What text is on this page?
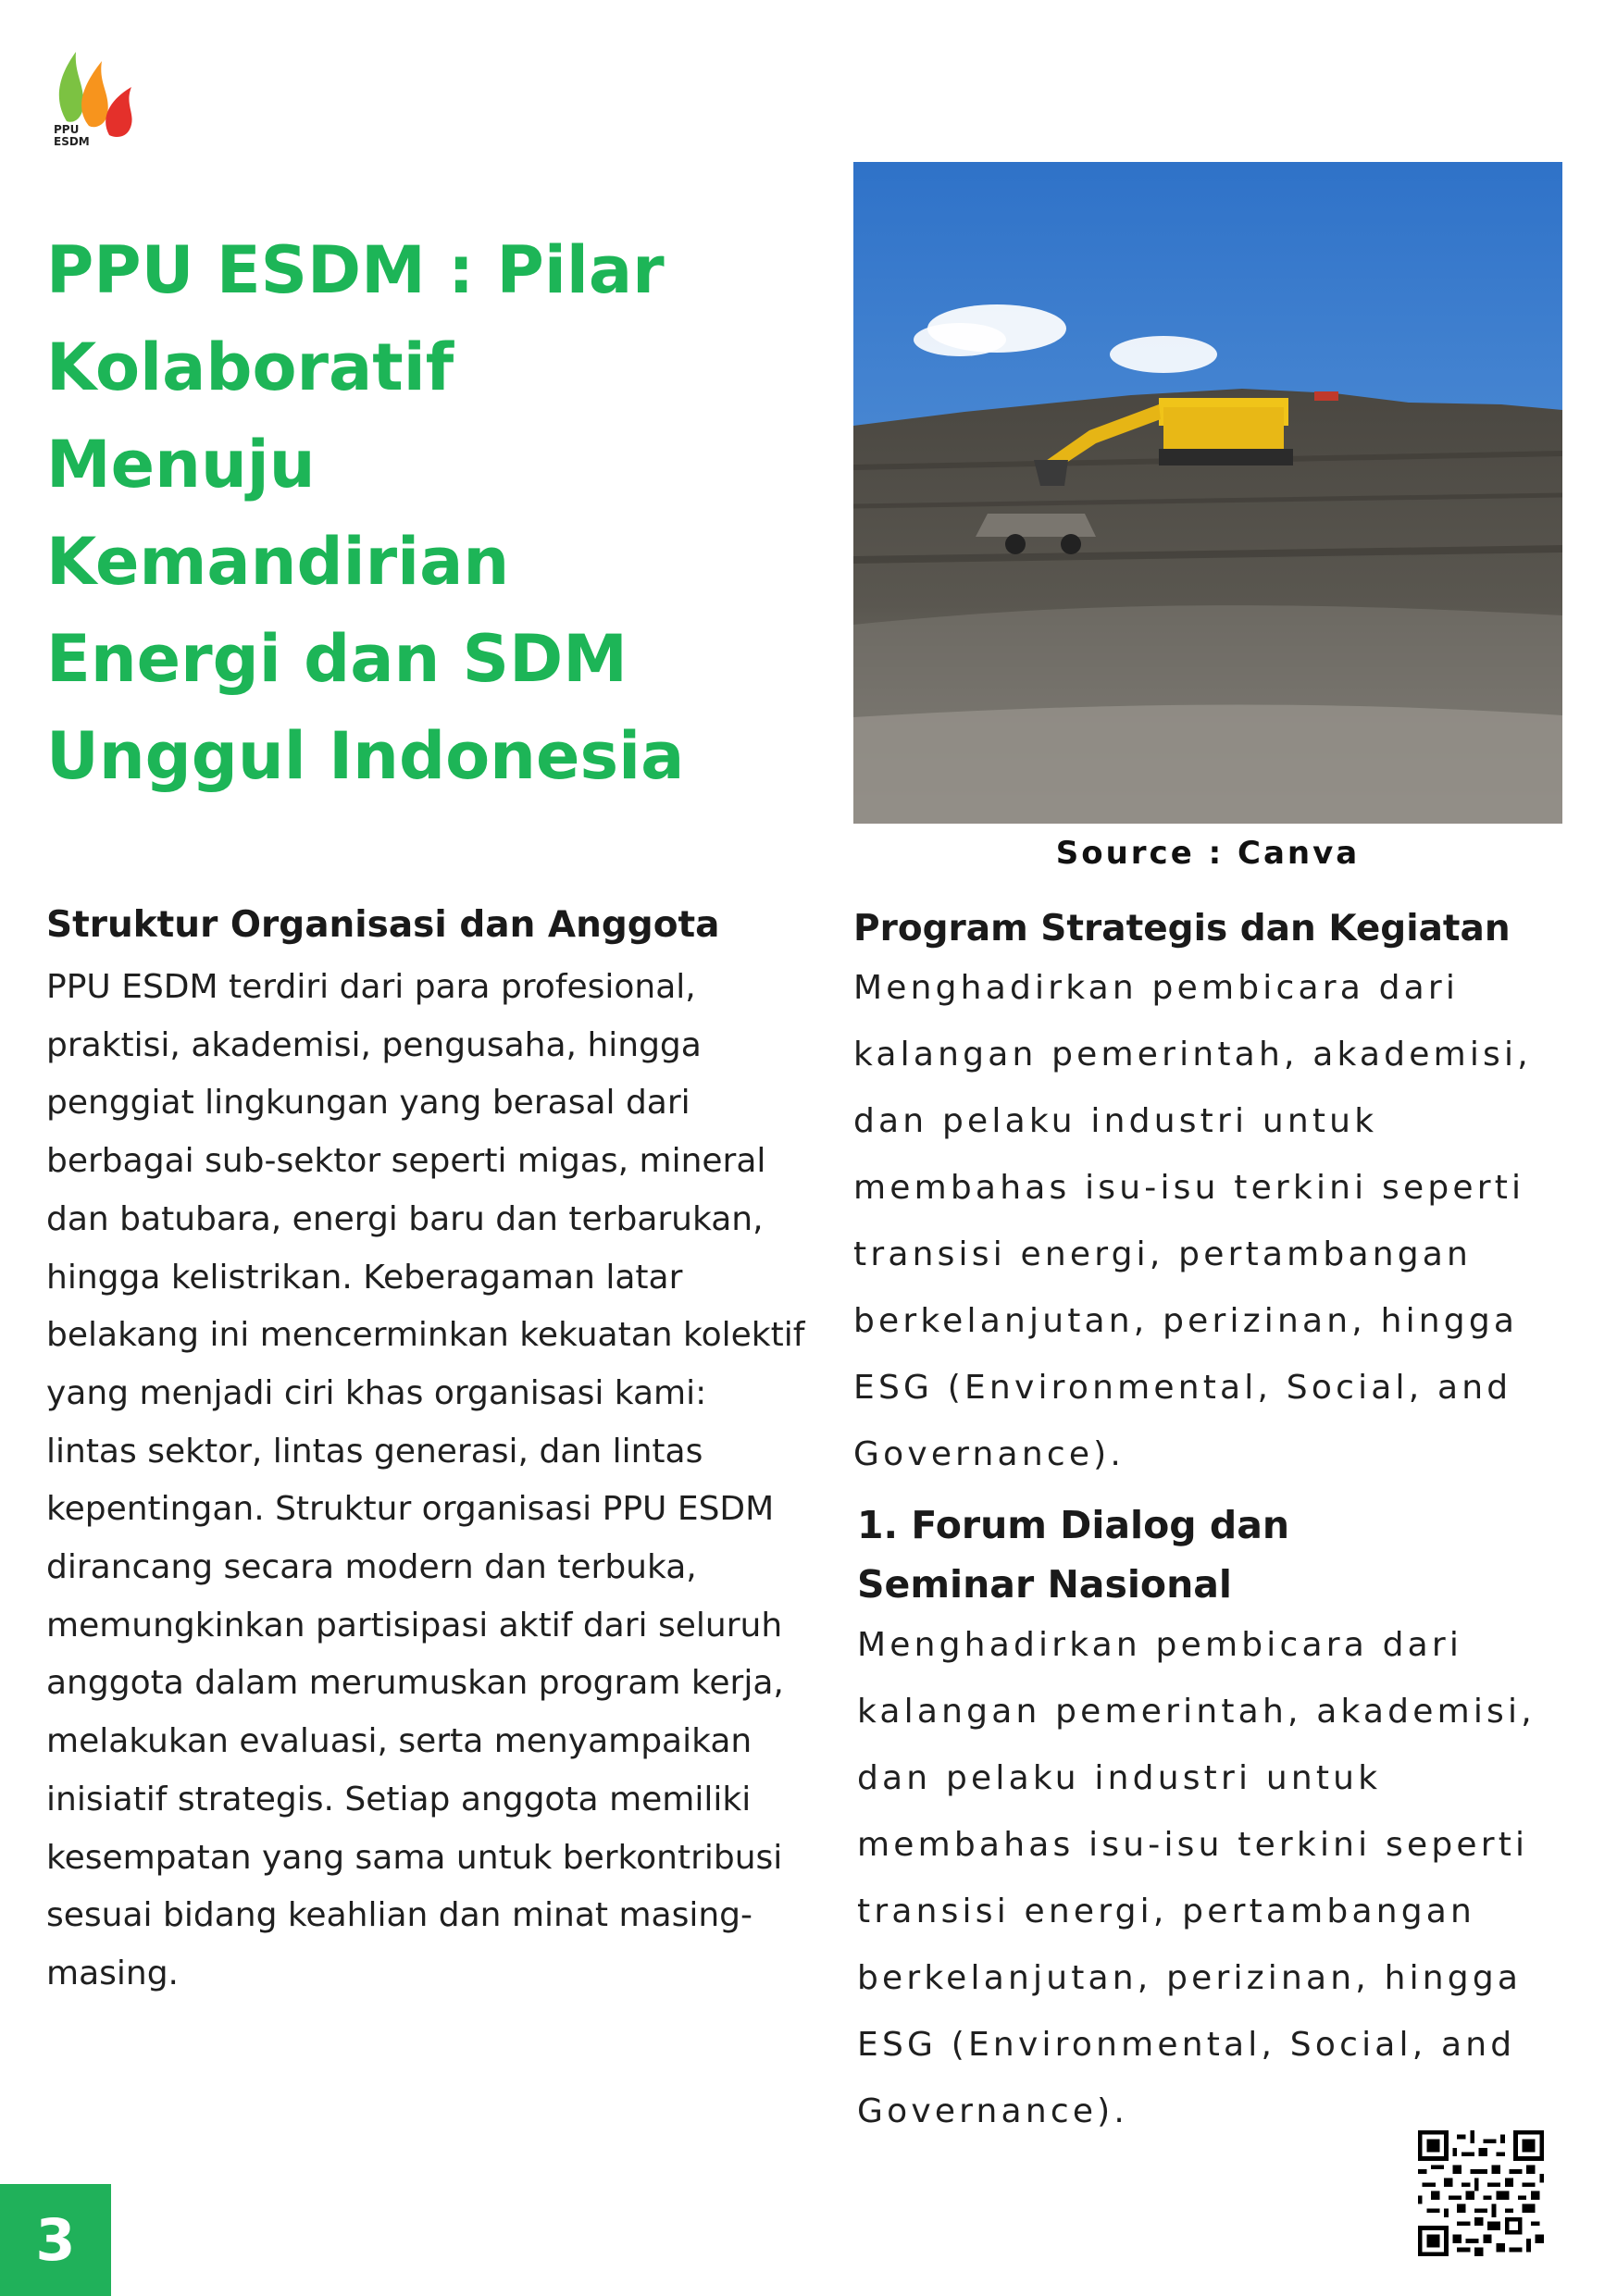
PPU
ESDM
PPU ESDM : Pilar Kolaboratif Menuju Kemandirian Energi dan SDM Unggul Indonesia
Source : Canva
Struktur Organisasi dan Anggota

PPU ESDM terdiri dari para profesional, praktisi, akademisi, pengusaha, hingga penggiat lingkungan yang berasal dari berbagai sub-sektor seperti migas, mineral dan batubara, energi baru dan terbarukan, hingga kelistrikan. Keberagaman latar belakang ini mencerminkan kekuatan kolektif yang menjadi ciri khas organisasi kami: lintas sektor, lintas generasi, dan lintas kepentingan. Struktur organisasi PPU ESDM dirancang secara modern dan terbuka, memungkinkan partisipasi aktif dari seluruh anggota dalam merumuskan program kerja, melakukan evaluasi, serta menyampaikan inisiatif strategis. Setiap anggota memiliki kesempatan yang sama untuk berkontribusi sesuai bidang keahlian dan minat masing-masing.

Program Strategis dan Kegiatan

Menghadirkan pembicara dari kalangan pemerintah, akademisi, dan pelaku industri untuk membahas isu-isu terkini seperti transisi energi, pertambangan berkelanjutan, perizinan, hingga ESG (Environmental, Social, and Governance).

1. Forum Dialog dan Seminar Nasional

Menghadirkan pembicara dari kalangan pemerintah, akademisi, dan pelaku industri untuk membahas isu-isu terkini seperti transisi energi, pertambangan berkelanjutan, perizinan, hingga ESG (Environmental, Social, and Governance).

3
